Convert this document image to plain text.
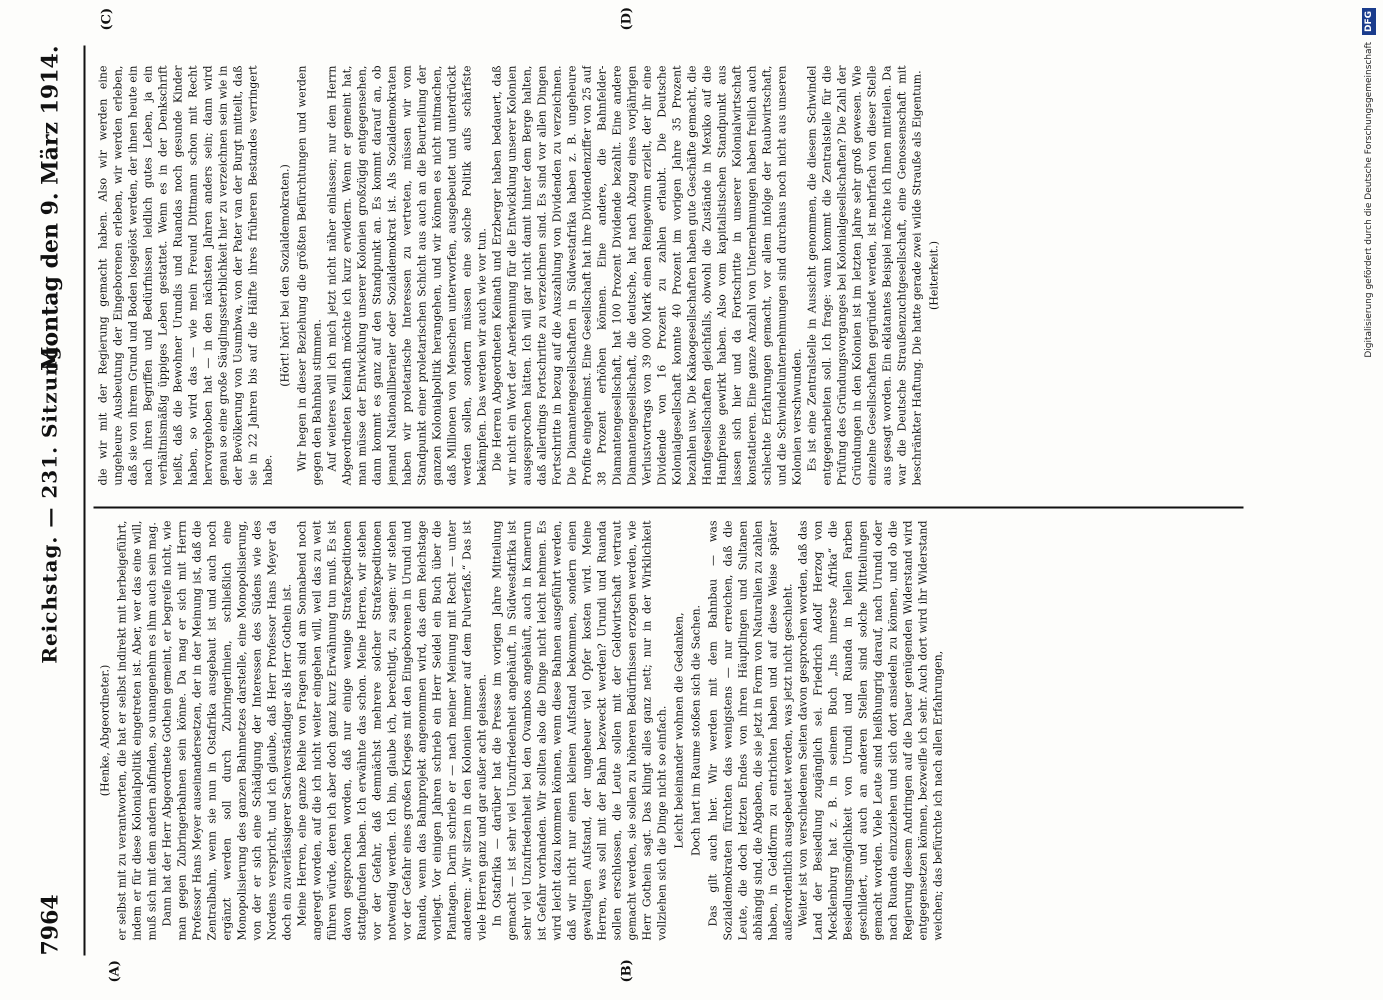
7964
Reichstag. — 231. Sitzung.
Montag den 9. März 1914.
(A)	(B)
(C)	(D)

(Henke, Abgeordneter.) er selbst mit zu verantworten, die hat er selbst indirekt mit herbeigeführt, indem er für diese Kolonialpolitik eingetreten ist. Aber, wer das eine will, muß sich mit dem andern abfinden, so unangenehm es ihm auch sein mag. Dann hat der Herr Abgeordnete Gothein gemeint, er begreife nicht, wie man gegen Zubringerbahnen sein könne. Da mag er sich mit Herrn Professor Hans Meyer auseinandersetzen, der in der Meinung ist, daß die Zentralbahn, wenn sie nun in Ostafrika ausgebaut ist und auch noch ergänzt werden soll durch Zubringerlinien, schließlich eine Monopolisierung des ganzen Bahnnetzes darstelle, eine Monopolisierung, von der er sich eine Schädigung der Interessen des Südens wie des Nordens verspricht, und ich glaube, daß Herr Professor Hans Meyer da doch ein zuverlässigerer Sachverständiger als Herr Gothein ist. Meine Herren, eine ganze Reihe von Fragen sind am Sonnabend noch angeregt worden, auf die ich nicht weiter eingehen will, weil das zu weit führen würde, deren ich aber doch ganz kurz Erwähnung tun muß. Es ist davon gesprochen worden, daß nur einige wenige Strafexpeditionen stattgefunden haben. Ich erwähnte das schon. Meine Herren, wir stehen vor der Gefahr, daß demnächst mehrere solcher Strafexpeditionen notwendig werden. Ich bin, glaube ich, berechtigt, zu sagen: wir stehen vor der Gefahr eines großen Krieges mit den Eingeborenen in Urundi und Ruanda, wenn das Bahnprojekt angenommen wird, das dem Reichstage vorliegt. Vor einigen Jahren schrieb ein Herr Seidel ein Buch über die Plantagen. Darin schrieb er — nach meiner Meinung mit Recht — unter anderem: „Wir sitzen in den Kolonien immer auf dem Pulverfaß.“ Das ist viele Herren ganz und gar außer acht gelassen. In Ostafrika — darüber hat die Presse im vorigen Jahre Mitteilung gemacht — ist sehr viel Unzufriedenheit angehäuft, in Südwestafrika ist sehr viel Unzufriedenheit bei den Ovambos angehäuft, auch in Kamerun ist Gefahr vorhanden. Wir sollten also die Dinge nicht leicht nehmen. Es wird leicht dazu kommen können, wenn diese Bahnen ausgeführt werden, daß wir nicht nur einen kleinen Aufstand bekommen, sondern einen gewaltigen Aufstand, der ungeheuer viel Opfer kosten wird. Meine Herren, was soll mit der Bahn bezweckt werden? Urundi und Ruanda sollen erschlossen, die Leute sollen mit der Geldwirtschaft vertraut gemacht werden, sie sollen zu höheren Bedürfnissen erzogen werden, wie Herr Gothein sagt. Das klingt alles ganz nett; nur in der Wirklichkeit vollziehen sich die Dinge nicht so einfach. Leicht beieinander wohnen die Gedanken, Doch hart im Raume stoßen sich die Sachen. Das gilt auch hier. Wir werden mit dem Bahnbau — was Sozialdemokraten fürchten das wenigstens — nur erreichen, daß die Leute, die doch letzten Endes von ihren Häuptlingen und Sultanen abhängig sind, die Abgaben, die sie jetzt in Form von Naturalien zu zahlen haben, in Geldform zu entrichten haben und auf diese Weise später außerordentlich ausgebeutet werden, was jetzt nicht geschieht. Weiter ist von verschiedenen Seiten davon gesprochen worden, daß das Land der Besiedlung zugänglich sei. Friedrich Adolf Herzog von Mecklenburg hat z. B. in seinem Buch „Ins innerste Afrika“ die Besiedlungsmöglichkeit von Urundi und Ruanda in hellen Farben geschildert, und auch an anderen Stellen sind solche Mitteilungen gemacht worden. Viele Leute sind heißhungrig darauf, nach Urundi oder nach Ruanda einzuziehen und sich dort ansiedeln zu können, und ob die Regierung diesem Andringen auf die Dauer genügenden Widerstand wird entgegensetzen können, bezweifle ich sehr. Auch dort wird ihr Widerstand weichen; das befürchte ich nach allen Erfahrungen,

die wir mit der Regierung gemacht haben. Also wir werden eine ungeheure Ausbeutung der Eingeborenen erleben, wir werden erleben, daß sie von ihrem Grund und Boden losgelöst werden, der ihnen heute ein nach ihren Begriffen und Bedürfnissen leidlich gutes Leben, ja ein verhältnismäßig üppiges Leben gestattet. Wenn es in der Denkschrift heißt, daß die Bewohner Urundis und Ruandas noch gesunde Kinder haben, so wird das — wie mein Freund Dittmann schon mit Recht hervorgehoben hat — in den nächsten Jahren anders sein; dann wird genau so eine große Säuglingssterblichkeit hier zu verzeichnen sein wie in der Bevölkerung von Usumbwa, von der Pater van der Burgt mitteilt, daß sie in 22 Jahren bis auf die Hälfte ihres früheren Bestandes verringert habe.

(Hört! hört! bei den Sozialdemokraten.) Wir hegen in dieser Beziehung die größten Befürchtungen und werden gegen den Bahnbau stimmen. Auf weiteres will ich mich jetzt nicht näher einlassen; nur dem Herrn Abgeordneten Keinath möchte ich kurz erwidern. Wenn er gemeint hat, man müsse der Entwicklung unserer Kolonien großzügig entgegensehen, dann kommt es ganz auf den Standpunkt an. Es kommt darauf an, ob jemand Nationalliberaler oder Sozialdemokrat ist. Als Sozialdemokraten haben wir proletarische Interessen zu vertreten, müssen wir vom Standpunkt einer proletarischen Schicht aus auch an die Beurteilung der ganzen Kolonialpolitik herangehen, und wir können es nicht mitmachen, daß Millionen von Menschen unterworfen, ausgebeutet und unterdrückt werden sollen, sondern müssen eine solche Politik aufs schärfste bekämpfen. Das werden wir auch wie vor tun. Die Herren Abgeordneten Keinath und Erzberger haben bedauert, daß wir nicht ein Wort der Anerkennung für die Entwicklung unserer Kolonien ausgesprochen hätten. Ich will gar nicht damit hinter dem Berge halten, daß allerdings Fortschritte zu verzeichnen sind. Es sind vor allen Dingen Fortschritte in bezug auf die Auszahlung von Dividenden zu verzeichnen. Die Diamantengesellschaften in Südwestafrika haben z. B. ungeheure Profite eingeheimst. Eine Gesellschaft hat ihre Dividendenziffer von 25 auf 38 Prozent erhöhen können. Eine andere, die Bahnfelder-Diamantengesellschaft, hat 100 Prozent Dividende bezahlt. Eine andere Diamantengesellschaft, die deutsche, hat nach Abzug eines vorjährigen Verlustvortrags von 39 000 Mark einen Reingewinn erzielt, der ihr eine Dividende von 16 Prozent zu zahlen erlaubt. Die Deutsche Kolonialgesellschaft konnte 40 Prozent im vorigen Jahre 35 Prozent bezahlen usw. Die Kakaogesellschaften haben gute Geschäfte gemacht, die Hanfgesellschaften gleichfalls, obwohl die Zustände in Mexiko auf die Hanfpreise gewirkt haben. Also vom kapitalistischen Standpunkt aus lassen sich hier und da Fortschritte in unserer Kolonialwirtschaft konstatieren. Eine ganze Anzahl von Unternehmungen haben freilich auch schlechte Erfahrungen gemacht, vor allem infolge der Raubwirtschaft, und die Schwindelunternehmungen sind durchaus noch nicht aus unseren Kolonien verschwunden. Es ist eine Zentralstelle in Aussicht genommen, die diesem Schwindel entgegenarbeiten soll. Ich frage: wann kommt die Zentralstelle für die Prüfung des Gründungsvorganges bei Kolonialgesellschaften? Die Zahl der Gründungen in den Kolonien ist im letzten Jahre sehr groß gewesen. Wie einzelne Gesellschaften gegründet werden, ist mehrfach von dieser Stelle aus gesagt worden. Ein eklatantes Beispiel möchte ich Ihnen mitteilen. Da war die Deutsche Straußenzuchtgesellschaft, eine Genossenschaft mit beschränkter Haftung. Die hatte gerade zwei wilde Strauße als Eigentum. (Heiterkeit.)	Digitalisierung gefördert durch die Deutsche Forschungsgemeinschaft DFG
